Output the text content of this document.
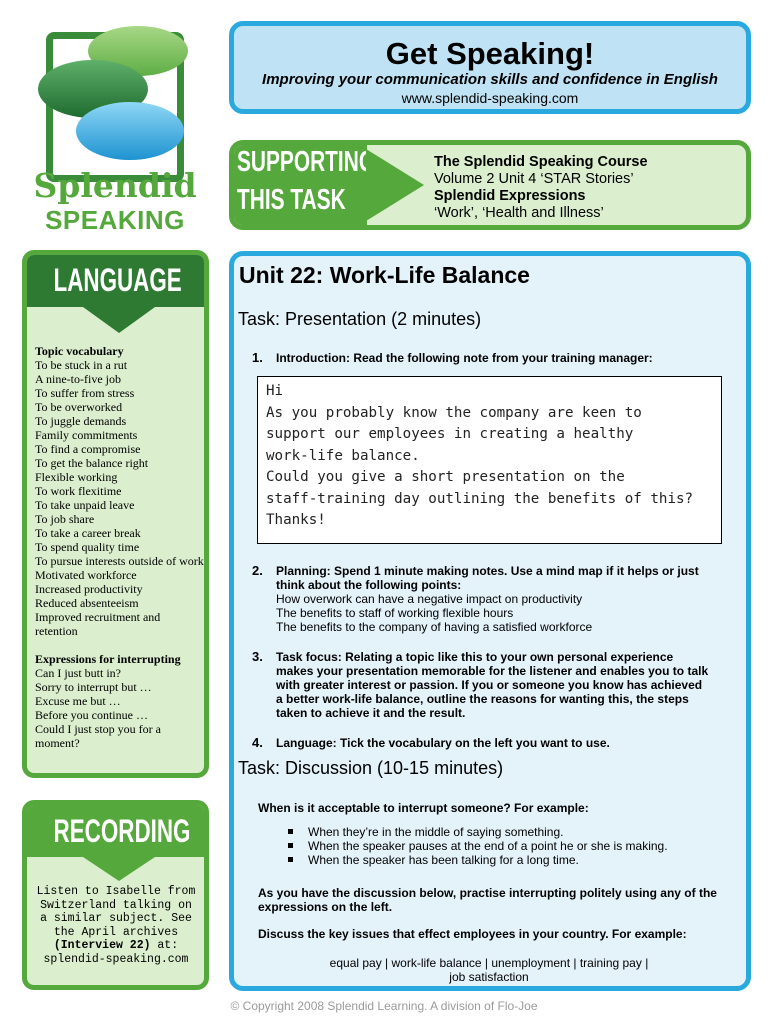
Splendid
SPEAKING
Get Speaking!
Improving your communication skills and confidence in English
www.splendid-speaking.com
SUPPORTING
THIS TASK
The Splendid Speaking Course
Volume 2 Unit 4 ‘STAR Stories’
Splendid Expressions
‘Work’, ‘Health and Illness’
LANGUAGE
Topic vocabulary
To be stuck in a rut
A nine-to-five job
To suffer from stress
To be overworked
To juggle demands
Family commitments
To find a compromise
To get the balance right
Flexible working
To work flexitime
To take unpaid leave
To job share
To take a career break
To spend quality time
To pursue interests outside of work
Motivated workforce
Increased productivity
Reduced absenteeism
Improved recruitment and retention
Expressions for interrupting
Can I just butt in?
Sorry to interrupt but …
Excuse me but …
Before you continue …
Could I just stop you for a moment?
RECORDING
Listen to Isabelle from Switzerland talking on a similar subject. See the April archives (Interview 22) at: splendid-speaking.com
Unit 22: Work-Life Balance
Task: Presentation (2 minutes)
1. Introduction: Read the following note from your training manager:
Hi
As you probably know the company are keen to
support our employees in creating a healthy
work-life balance.
Could you give a short presentation on the
staff-training day outlining the benefits of this?
Thanks!
2. Planning: Spend 1 minute making notes. Use a mind map if it helps or just think about the following points:
How overwork can have a negative impact on productivity
The benefits to staff of working flexible hours
The benefits to the company of having a satisfied workforce
3. Task focus: Relating a topic like this to your own personal experience makes your presentation memorable for the listener and enables you to talk with greater interest or passion. If you or someone you know has achieved a better work-life balance, outline the reasons for wanting this, the steps taken to achieve it and the result.
4. Language: Tick the vocabulary on the left you want to use.
Task: Discussion (10-15 minutes)
When is it acceptable to interrupt someone? For example:
When they’re in the middle of saying something.
When the speaker pauses at the end of a point he or she is making.
When the speaker has been talking for a long time.
As you have the discussion below, practise interrupting politely using any of the expressions on the left.
Discuss the key issues that effect employees in your country. For example:
equal pay | work-life balance | unemployment | training pay | job satisfaction
© Copyright 2008 Splendid Learning. A division of Flo-Joe
